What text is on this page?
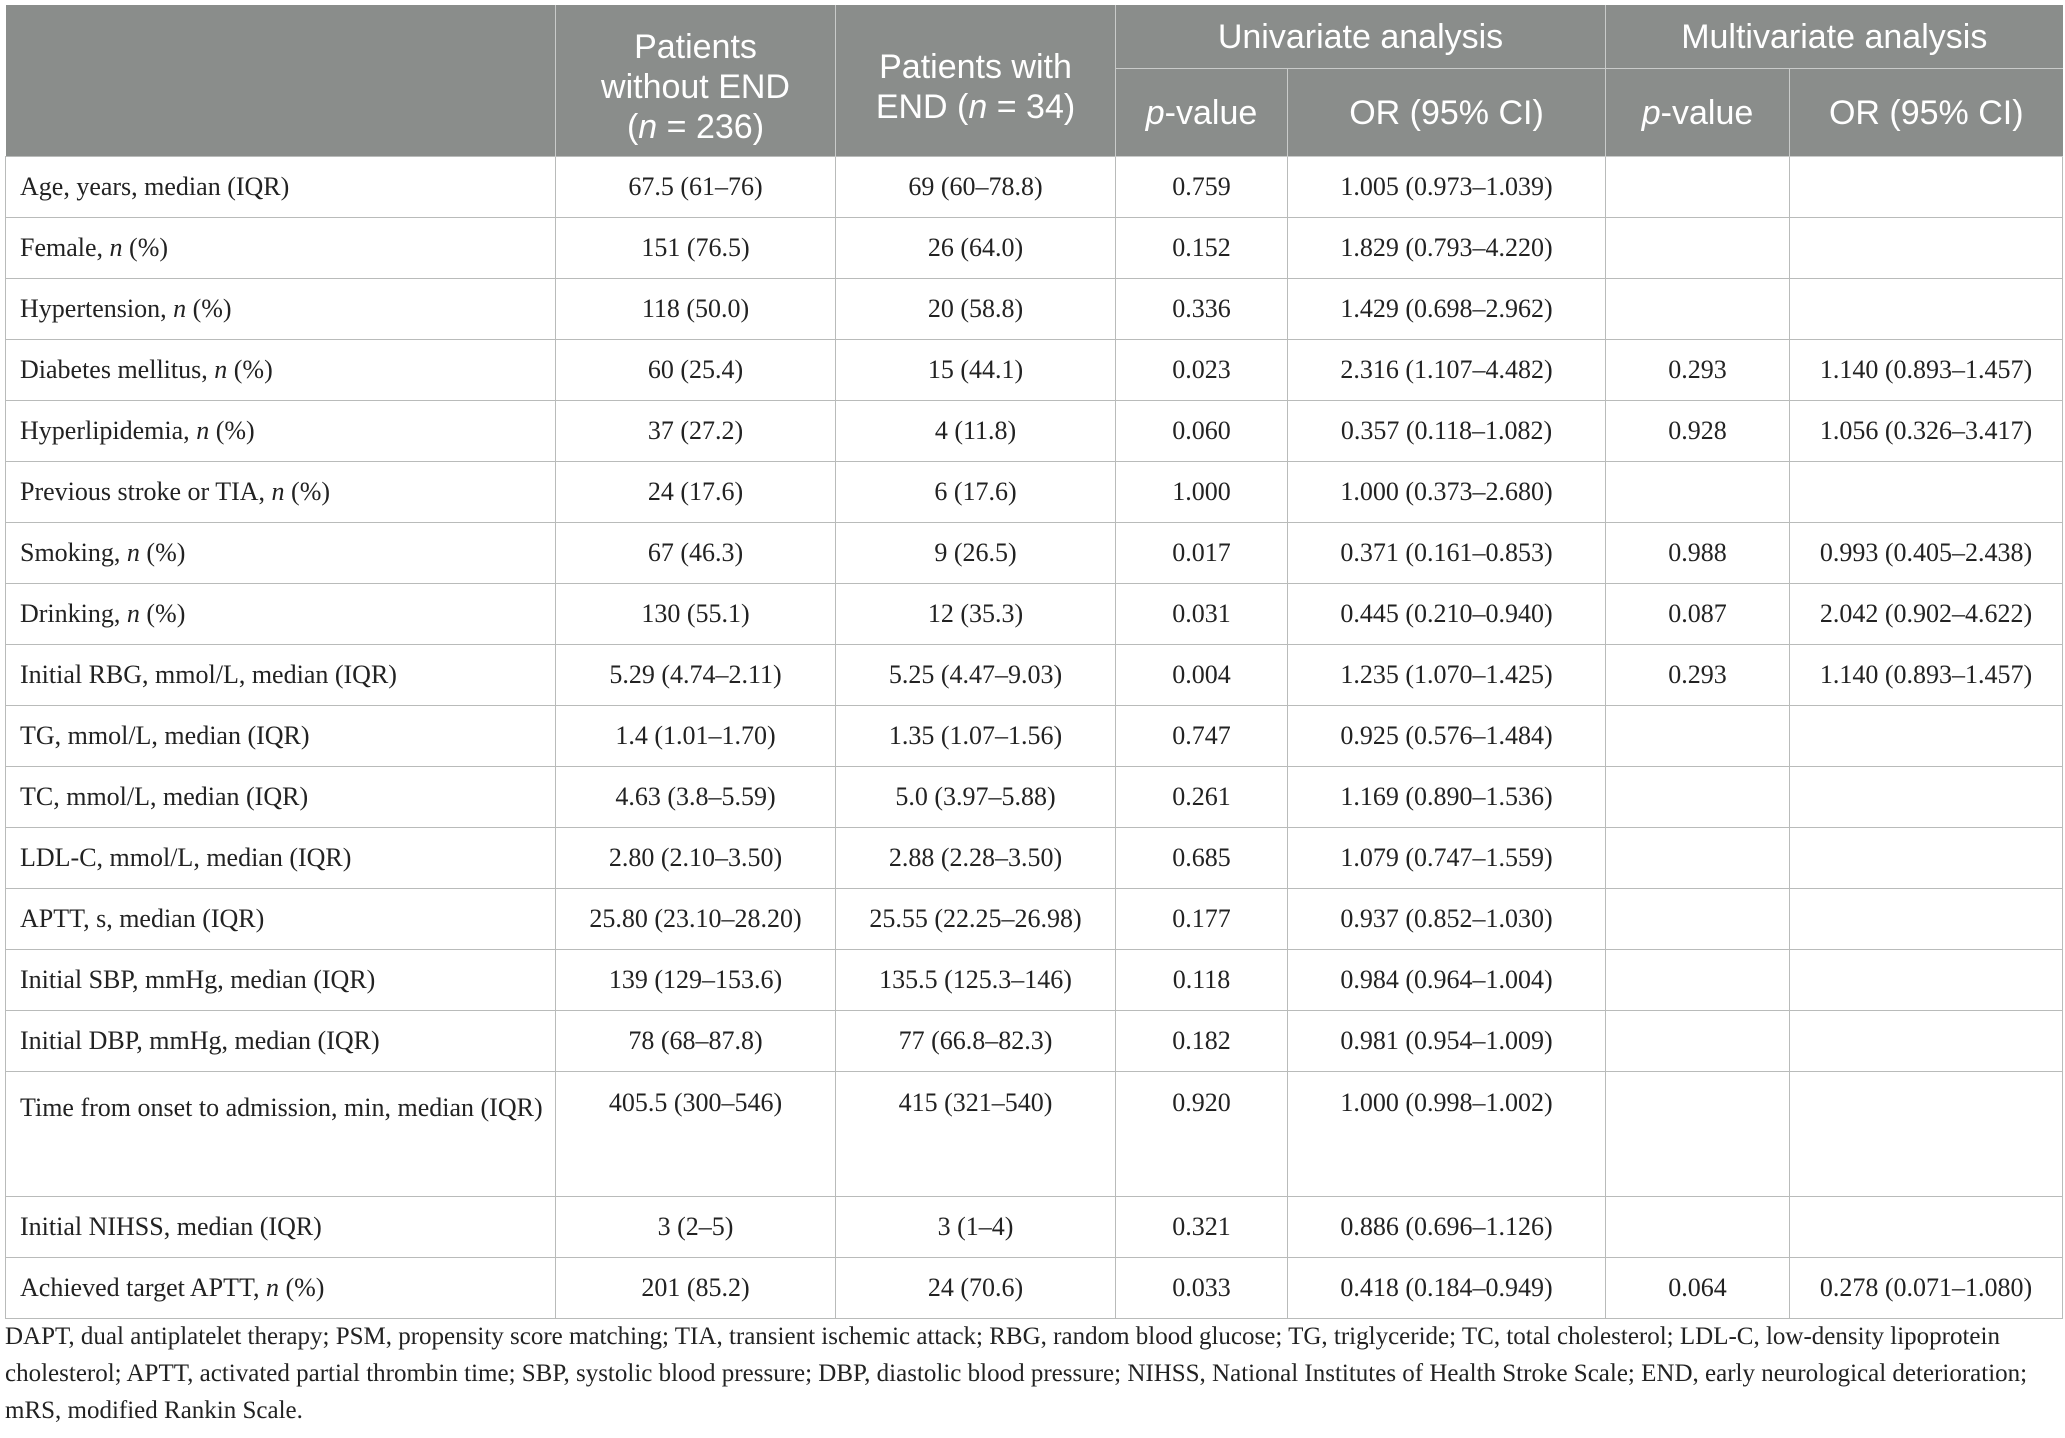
	Patients
without END
(n = 236)	Patients with
END (n = 34)	Univariate analysis		Multivariate analysis	
			p-value	OR (95% CI)	p-value	OR (95% CI)
Age, years, median (IQR)	67.5 (61–76)	69 (60–78.8)	0.759	1.005 (0.973–1.039)		
Female, n (%)	151 (76.5)	26 (64.0)	0.152	1.829 (0.793–4.220)		
Hypertension, n (%)	118 (50.0)	20 (58.8)	0.336	1.429 (0.698–2.962)		
Diabetes mellitus, n (%)	60 (25.4)	15 (44.1)	0.023	2.316 (1.107–4.482)	0.293	1.140 (0.893–1.457)
Hyperlipidemia, n (%)	37 (27.2)	4 (11.8)	0.060	0.357 (0.118–1.082)	0.928	1.056 (0.326–3.417)
Previous stroke or TIA, n (%)	24 (17.6)	6 (17.6)	1.000	1.000 (0.373–2.680)		
Smoking, n (%)	67 (46.3)	9 (26.5)	0.017	0.371 (0.161–0.853)	0.988	0.993 (0.405–2.438)
Drinking, n (%)	130 (55.1)	12 (35.3)	0.031	0.445 (0.210–0.940)	0.087	2.042 (0.902–4.622)
Initial RBG, mmol/L, median (IQR)	5.29 (4.74–2.11)	5.25 (4.47–9.03)	0.004	1.235 (1.070–1.425)	0.293	1.140 (0.893–1.457)
TG, mmol/L, median (IQR)	1.4 (1.01–1.70)	1.35 (1.07–1.56)	0.747	0.925 (0.576–1.484)		
TC, mmol/L, median (IQR)	4.63 (3.8–5.59)	5.0 (3.97–5.88)	0.261	1.169 (0.890–1.536)		
LDL-C, mmol/L, median (IQR)	2.80 (2.10–3.50)	2.88 (2.28–3.50)	0.685	1.079 (0.747–1.559)		
APTT, s, median (IQR)	25.80 (23.10–28.20)	25.55 (22.25–26.98)	0.177	0.937 (0.852–1.030)		
Initial SBP, mmHg, median (IQR)	139 (129–153.6)	135.5 (125.3–146)	0.118	0.984 (0.964–1.004)		
Initial DBP, mmHg, median (IQR)	78 (68–87.8)	77 (66.8–82.3)	0.182	0.981 (0.954–1.009)		
Time from onset to admission, min, median (IQR)	405.5 (300–546)	415 (321–540)	0.920	1.000 (0.998–1.002)		
Initial NIHSS, median (IQR)	3 (2–5)	3 (1–4)	0.321	0.886 (0.696–1.126)		
Achieved target APTT, n (%)	201 (85.2)	24 (70.6)	0.033	0.418 (0.184–0.949)	0.064	0.278 (0.071–1.080)
DAPT, dual antiplatelet therapy; PSM, propensity score matching; TIA, transient ischemic attack; RBG, random blood glucose; TG, triglyceride; TC, total cholesterol; LDL-C, low-density lipoprotein cholesterol; APTT, activated partial thrombin time; SBP, systolic blood pressure; DBP, diastolic blood pressure; NIHSS, National Institutes of Health Stroke Scale; END, early neurological deterioration; mRS, modified Rankin Scale.
